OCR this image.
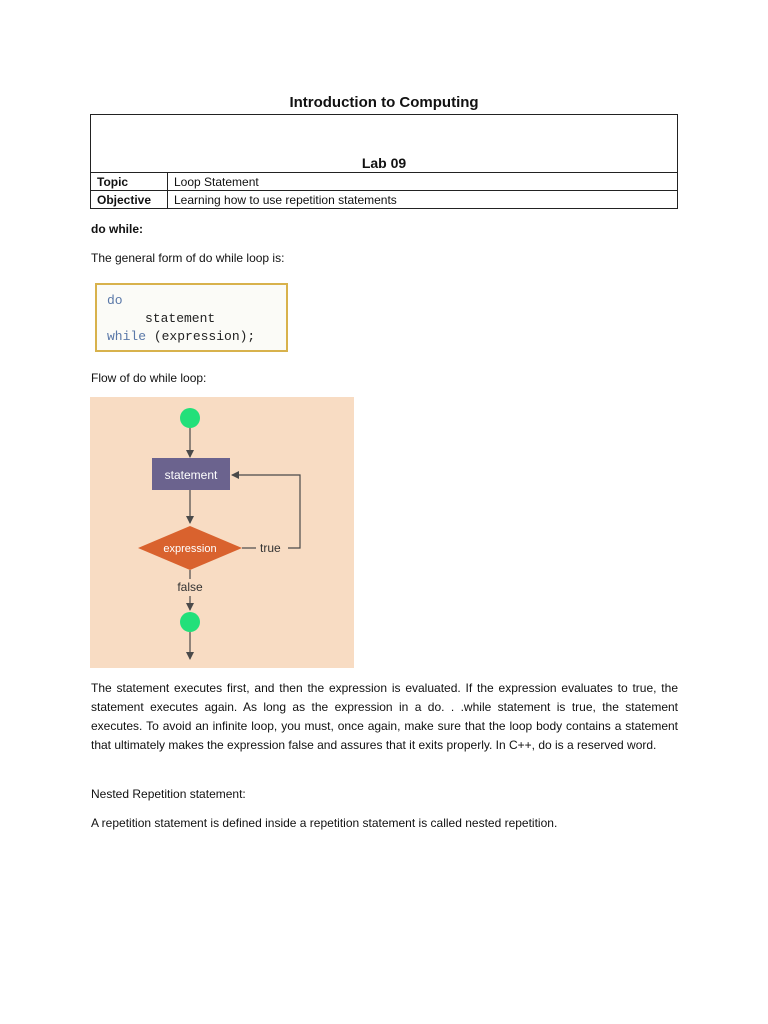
Introduction to Computing
Lab 09	
Topic	Loop Statement
Objective	Learning how to use repetition statements

do while:

The general form of do while loop is:

do
statement
while (expression);

Flow of do while loop:

statement
expression	true
false

The statement executes first, and then the expression is evaluated. If the expression evaluates to true, the statement executes again. As long as the expression in a do. . .while statement is true, the statement executes. To avoid an infinite loop, you must, once again, make sure that the loop body contains a statement that ultimately makes the expression false and assures that it exits properly. In C++, do is a reserved word.

Nested Repetition statement:

A repetition statement is defined inside a repetition statement is called nested repetition.
